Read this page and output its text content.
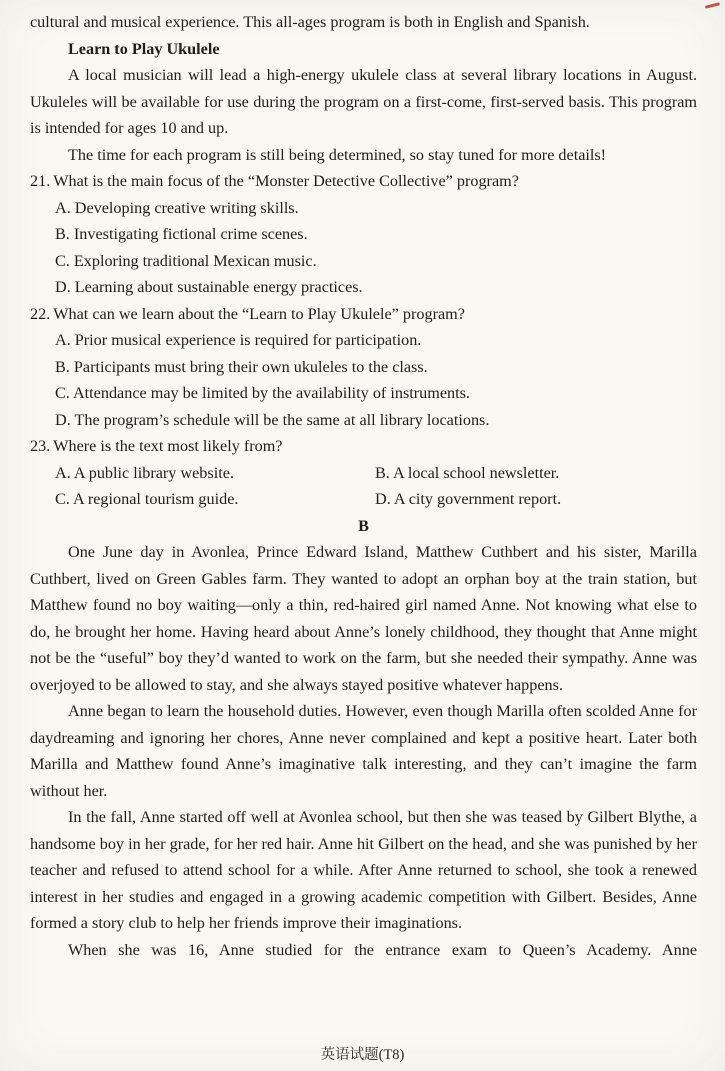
cultural and musical experience. This all-ages program is both in English and Spanish.

Learn to Play Ukulele

A local musician will lead a high-energy ukulele class at several library locations in August. Ukuleles will be available for use during the program on a first-come, first-served basis. This program is intended for ages 10 and up.

The time for each program is still being determined, so stay tuned for more details!

21. What is the main focus of the “Monster Detective Collective” program?

A. Developing creative writing skills.

B. Investigating fictional crime scenes.

C. Exploring traditional Mexican music.

D. Learning about sustainable energy practices.

22. What can we learn about the “Learn to Play Ukulele” program?

A. Prior musical experience is required for participation.

B. Participants must bring their own ukuleles to the class.

C. Attendance may be limited by the availability of instruments.

D. The program’s schedule will be the same at all library locations.

23. Where is the text most likely from?

A. A public library website.	B. A local school newsletter.

C. A regional tourism guide.	D. A city government report.

B

One June day in Avonlea, Prince Edward Island, Matthew Cuthbert and his sister, Marilla Cuthbert, lived on Green Gables farm. They wanted to adopt an orphan boy at the train station, but Matthew found no boy waiting—only a thin, red-haired girl named Anne. Not knowing what else to do, he brought her home. Having heard about Anne’s lonely childhood, they thought that Anne might not be the “useful” boy they’d wanted to work on the farm, but she needed their sympathy. Anne was overjoyed to be allowed to stay, and she always stayed positive whatever happens.

Anne began to learn the household duties. However, even though Marilla often scolded Anne for daydreaming and ignoring her chores, Anne never complained and kept a positive heart. Later both Marilla and Matthew found Anne’s imaginative talk interesting, and they can’t imagine the farm without her.

In the fall, Anne started off well at Avonlea school, but then she was teased by Gilbert Blythe, a handsome boy in her grade, for her red hair. Anne hit Gilbert on the head, and she was punished by her teacher and refused to attend school for a while. After Anne returned to school, she took a renewed interest in her studies and engaged in a growing academic competition with Gilbert. Besides, Anne formed a story club to help her friends improve their imaginations.

When she was 16, Anne studied for the entrance exam to Queen’s Academy. Anne

英语试题(T8)
